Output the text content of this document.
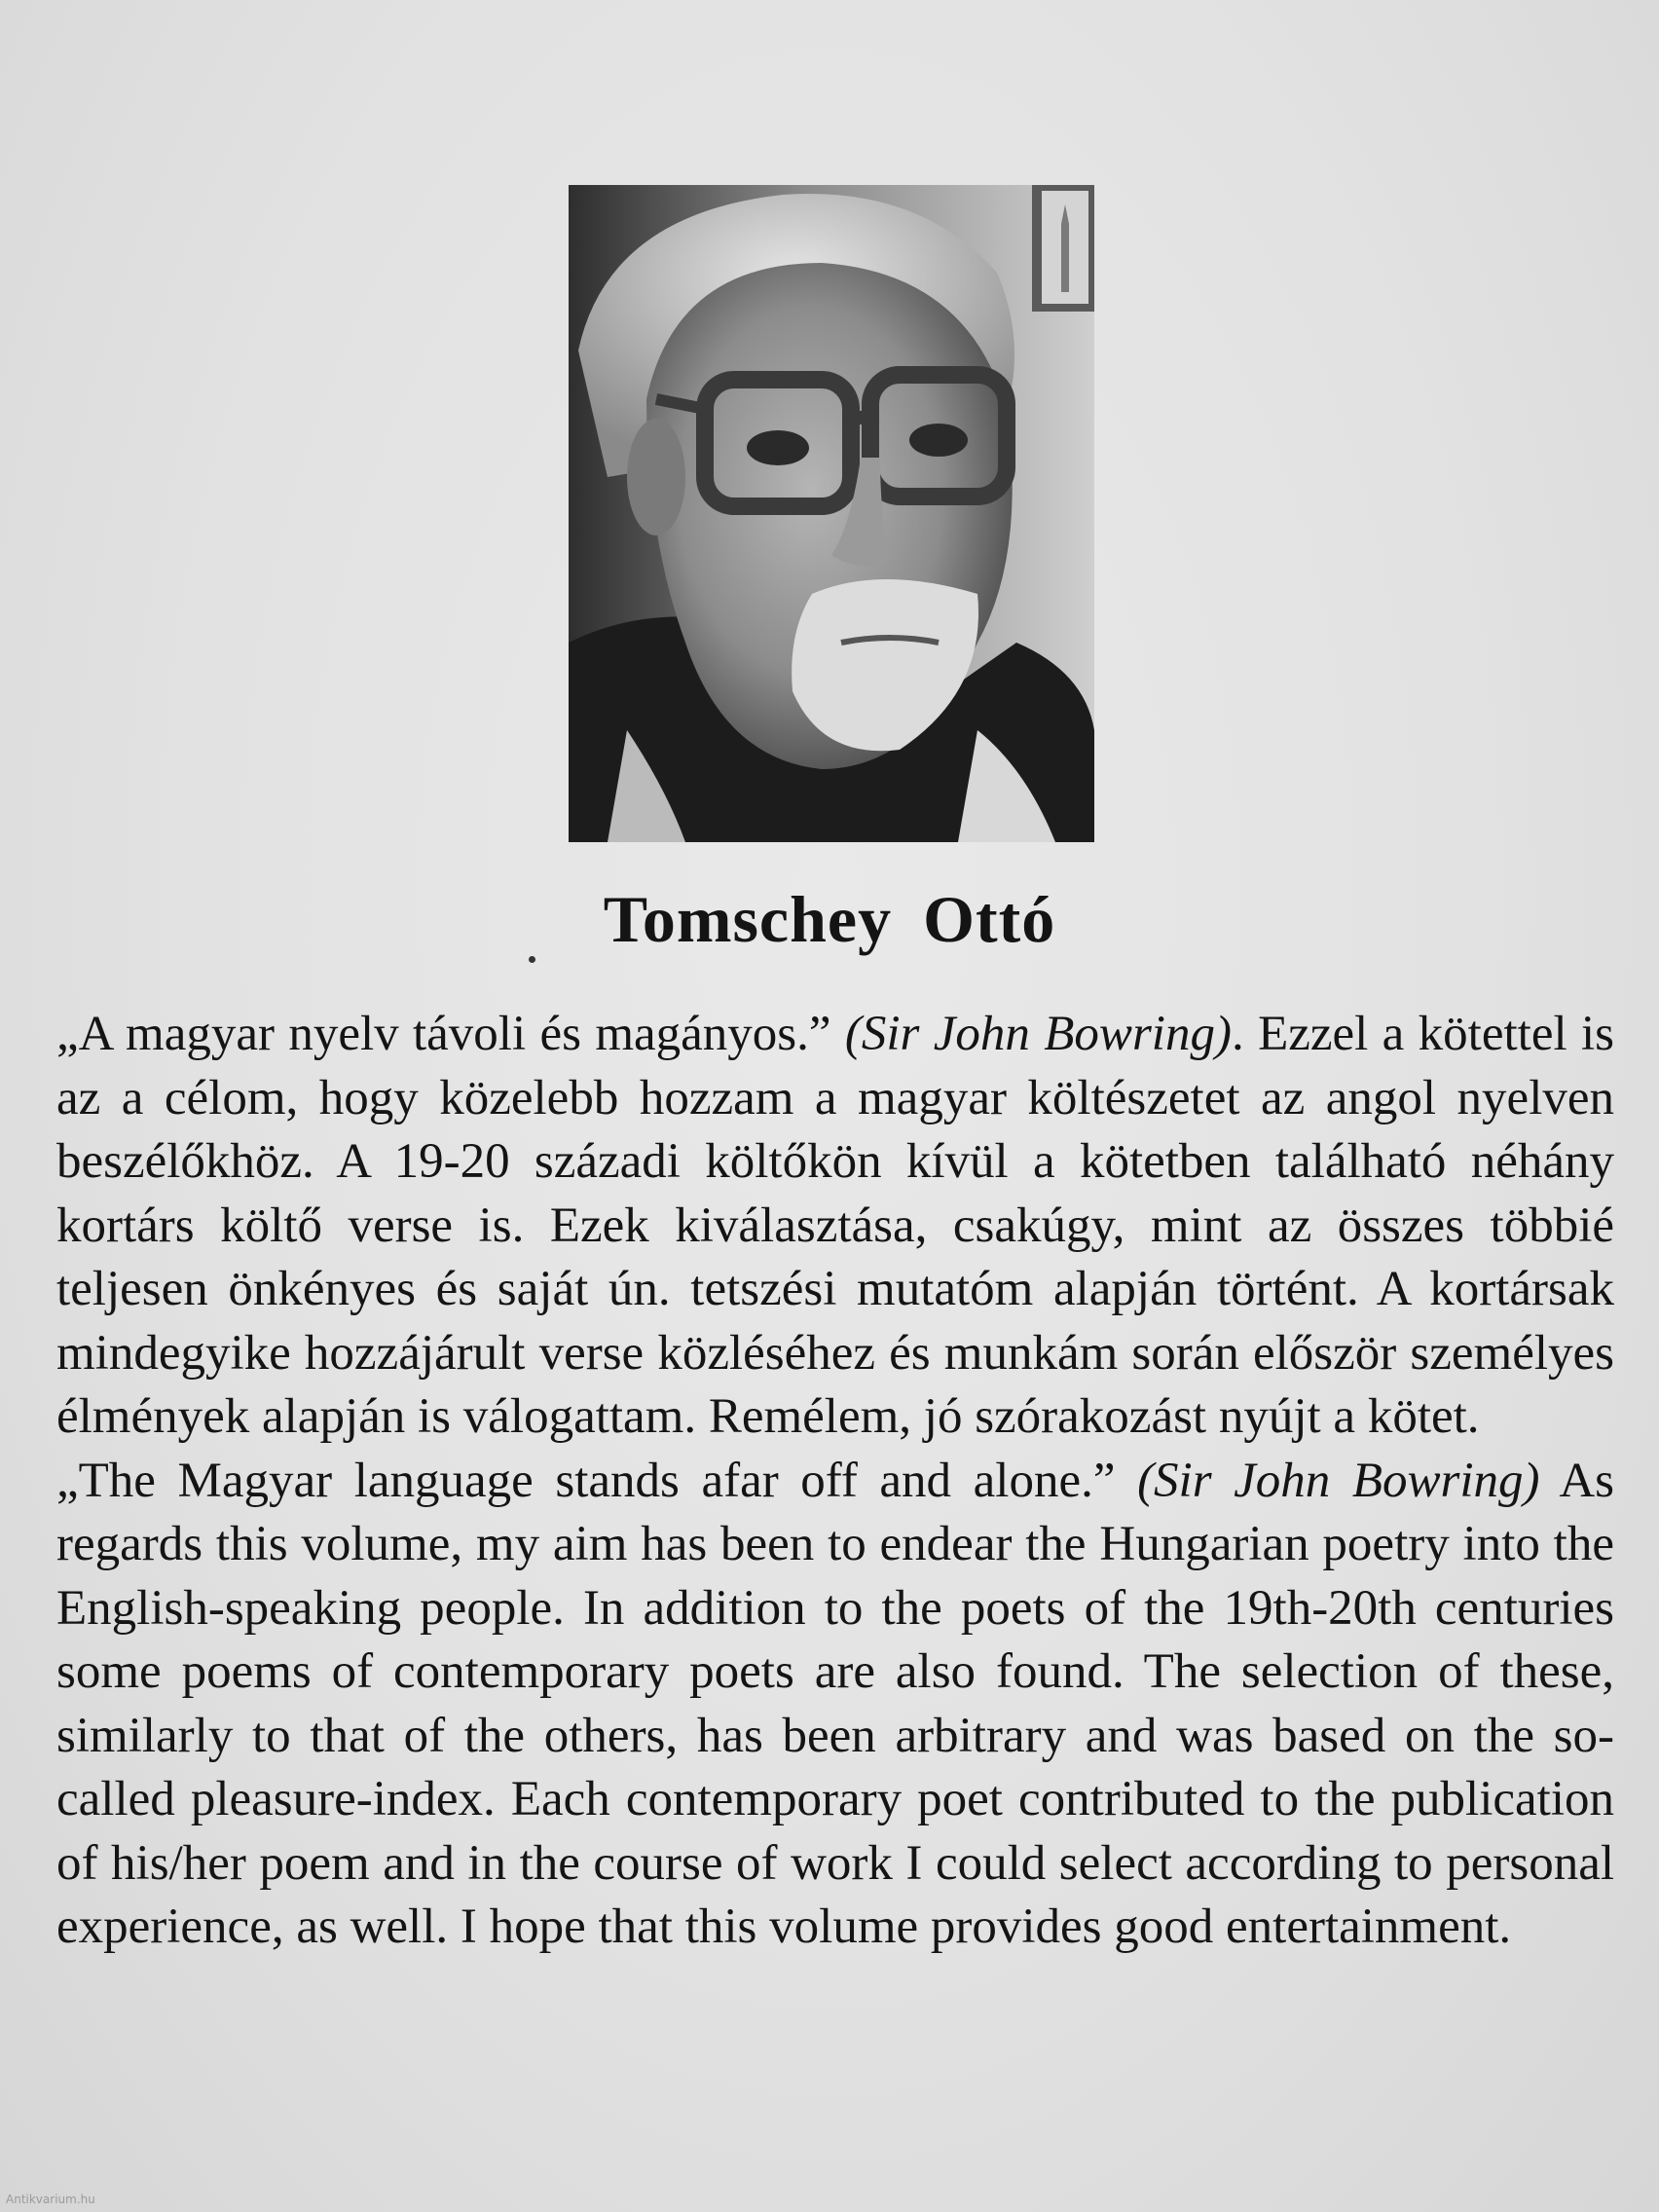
Tomschey Ottó

„A magyar nyelv távoli és magányos.” (Sir John Bowring). Ezzel a kötettel is az a célom, hogy közelebb hozzam a magyar költészetet az angol nyelven beszélőkhöz. A 19-20 századi költőkön kívül a kötetben található néhány kortárs költő verse is. Ezek kiválasztása, csakúgy, mint az összes többié teljesen önkényes és saját ún. tetszési mutatóm alapján történt. A kortársak mindegyike hozzájárult verse közléséhez és munkám során először személyes élmények alapján is válogattam. Remélem, jó szórakozást nyújt a kötet.

„The Magyar language stands afar off and alone.” (Sir John Bowring) As regards this volume, my aim has been to endear the Hungarian poetry into the English-speaking people. In addition to the poets of the 19th-20th centuries some poems of contemporary poets are also found. The selection of these, similarly to that of the others, has been arbitrary and was based on the so-called pleasure-index. Each contemporary poet contributed to the publication of his/her poem and in the course of work I could select according to personal experience, as well. I hope that this volume provides good entertainment.

Antikvarium.hu
